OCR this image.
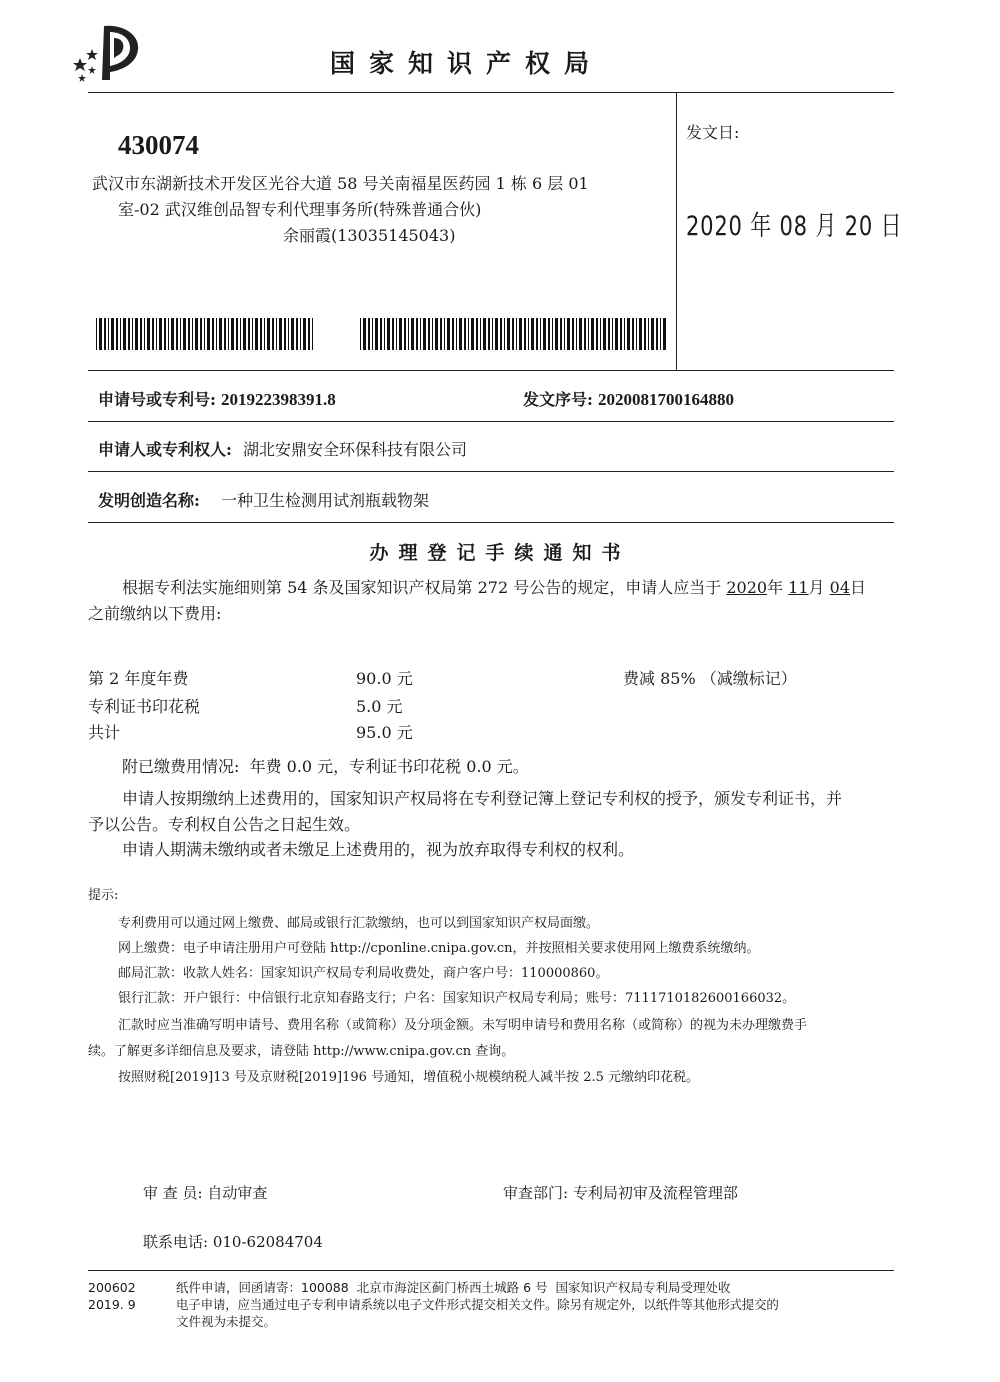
国家知识产权局
430074
武汉市东湖新技术开发区光谷大道 58 号关南福星医药园 1 栋 6 层 01
室-02 武汉维创品智专利代理事务所(特殊普通合伙)
余丽霞(13035145043)
发文日:
2020 年 08 月 20 日
申请号或专利号: 201922398391.8	发文序号: 2020081700164880
申请人或专利权人: 湖北安鼎安全环保科技有限公司
发明创造名称: 一种卫生检测用试剂瓶载物架
办理登记手续通知书
根据专利法实施细则第 54 条及国家知识产权局第 272 号公告的规定，申请人应当于 2020年 11月 04日
之前缴纳以下费用:
第 2 年度年费	90.0 元	费减 85% （减缴标记）
专利证书印花税	5.0 元
共计	95.0 元
附已缴费用情况:  年费 0.0 元，专利证书印花税 0.0 元。
申请人按期缴纳上述费用的，国家知识产权局将在专利登记簿上登记专利权的授予，颁发专利证书，并
予以公告。专利权自公告之日起生效。
申请人期满未缴纳或者未缴足上述费用的，视为放弃取得专利权的权利。
提示:
专利费用可以通过网上缴费、邮局或银行汇款缴纳，也可以到国家知识产权局面缴。
网上缴费：电子申请注册用户可登陆 http://cponline.cnipa.gov.cn，并按照相关要求使用网上缴费系统缴纳。
邮局汇款：收款人姓名：国家知识产权局专利局收费处，商户客户号：110000860。
银行汇款：开户银行：中信银行北京知春路支行；户名：国家知识产权局专利局；账号：7111710182600166032。
汇款时应当准确写明申请号、费用名称（或简称）及分项金额。未写明申请号和费用名称（或简称）的视为未办理缴费手
续。了解更多详细信息及要求，请登陆 http://www.cnipa.gov.cn 查询。
按照财税[2019]13 号及京财税[2019]196 号通知，增值税小规模纳税人减半按 2.5 元缴纳印花税。
审 查 员: 自动审查	审查部门: 专利局初审及流程管理部
联系电话: 010-62084704
200602
2019. 9
纸件申请，回函请寄：100088  北京市海淀区蓟门桥西土城路 6 号  国家知识产权局专利局受理处收
电子申请，应当通过电子专利申请系统以电子文件形式提交相关文件。除另有规定外，以纸件等其他形式提交的
文件视为未提交。
